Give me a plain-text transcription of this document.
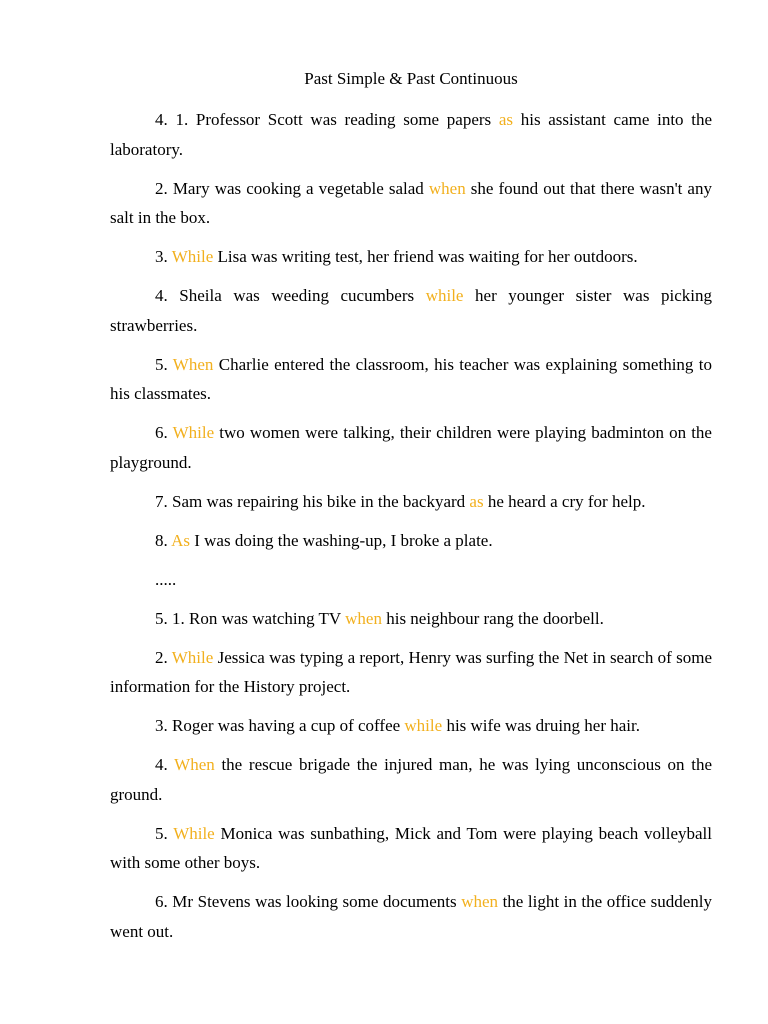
Past Simple & Past Continuous

4. 1. Professor Scott was reading some papers as his assistant came into the laboratory.

2. Mary was cooking a vegetable salad when she found out that there wasn't any salt in the box.

3. While Lisa was writing test, her friend was waiting for her outdoors.

4. Sheila was weeding cucumbers while her younger sister was picking strawberries.

5. When Charlie entered the classroom, his teacher was explaining something to his classmates.

6. While two women were talking, their children were playing badminton on the playground.

7. Sam was repairing his bike in the backyard as he heard a cry for help.

8. As I was doing the washing-up, I broke a plate.

.....

5. 1. Ron was watching TV when his neighbour rang the doorbell.

2. While Jessica was typing a report, Henry was surfing the Net in search of some information for the History project.

3. Roger was having a cup of coffee while his wife was druing her hair.

4. When the rescue brigade the injured man, he was lying unconscious on the ground.

5. While Monica was sunbathing, Mick and Tom were playing beach volleyball with some other boys.

6. Mr Stevens was looking some documents when the light in the office suddenly went out.
